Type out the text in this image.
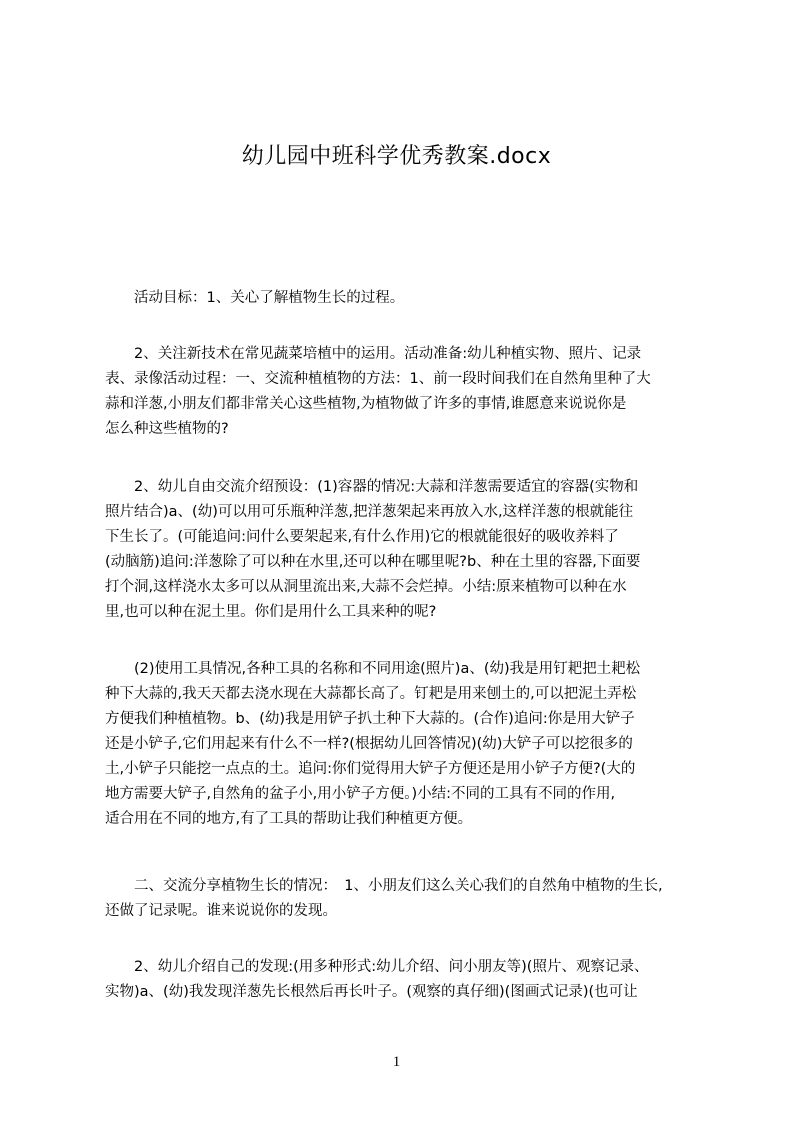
幼儿园中班科学优秀教案.docx
　　活动目标：1、关心了解植物生长的过程。
　　2、关注新技术在常见蔬菜培植中的运用。活动准备:幼儿种植实物、照片、记录
表、录像活动过程：一、交流种植植物的方法：1、前一段时间我们在自然角里种了大
蒜和洋葱,小朋友们都非常关心这些植物,为植物做了许多的事情,谁愿意来说说你是
怎么种这些植物的?
　　2、幼儿自由交流介绍预设：(1)容器的情况:大蒜和洋葱需要适宜的容器(实物和
照片结合)a、(幼)可以用可乐瓶种洋葱,把洋葱架起来再放入水,这样洋葱的根就能往
下生长了。(可能追问:问什么要架起来,有什么作用)它的根就能很好的吸收养料了
(动脑筋)追问:洋葱除了可以种在水里,还可以种在哪里呢?b、种在土里的容器,下面要
打个洞,这样浇水太多可以从洞里流出来,大蒜不会烂掉。小结:原来植物可以种在水
里,也可以种在泥土里。你们是用什么工具来种的呢?
　　(2)使用工具情况,各种工具的名称和不同用途(照片)a、(幼)我是用钉耙把土耙松
种下大蒜的,我天天都去浇水现在大蒜都长高了。钉耙是用来刨土的,可以把泥土弄松
方便我们种植植物。b、(幼)我是用铲子扒土种下大蒜的。(合作)追问:你是用大铲子
还是小铲子,它们用起来有什么不一样?(根据幼儿回答情况)(幼)大铲子可以挖很多的
土,小铲子只能挖一点点的土。追问:你们觉得用大铲子方便还是用小铲子方便?(大的
地方需要大铲子,自然角的盆子小,用小铲子方便。)小结:不同的工具有不同的作用,
适合用在不同的地方,有了工具的帮助让我们种植更方便。
　　二、交流分享植物生长的情况：　1、小朋友们这么关心我们的自然角中植物的生长,
还做了记录呢。谁来说说你的发现。
　　2、幼儿介绍自己的发现:(用多种形式:幼儿介绍、问小朋友等)(照片、观察记录、
实物)a、(幼)我发现洋葱先长根然后再长叶子。(观察的真仔细)(图画式记录)(也可让
1
